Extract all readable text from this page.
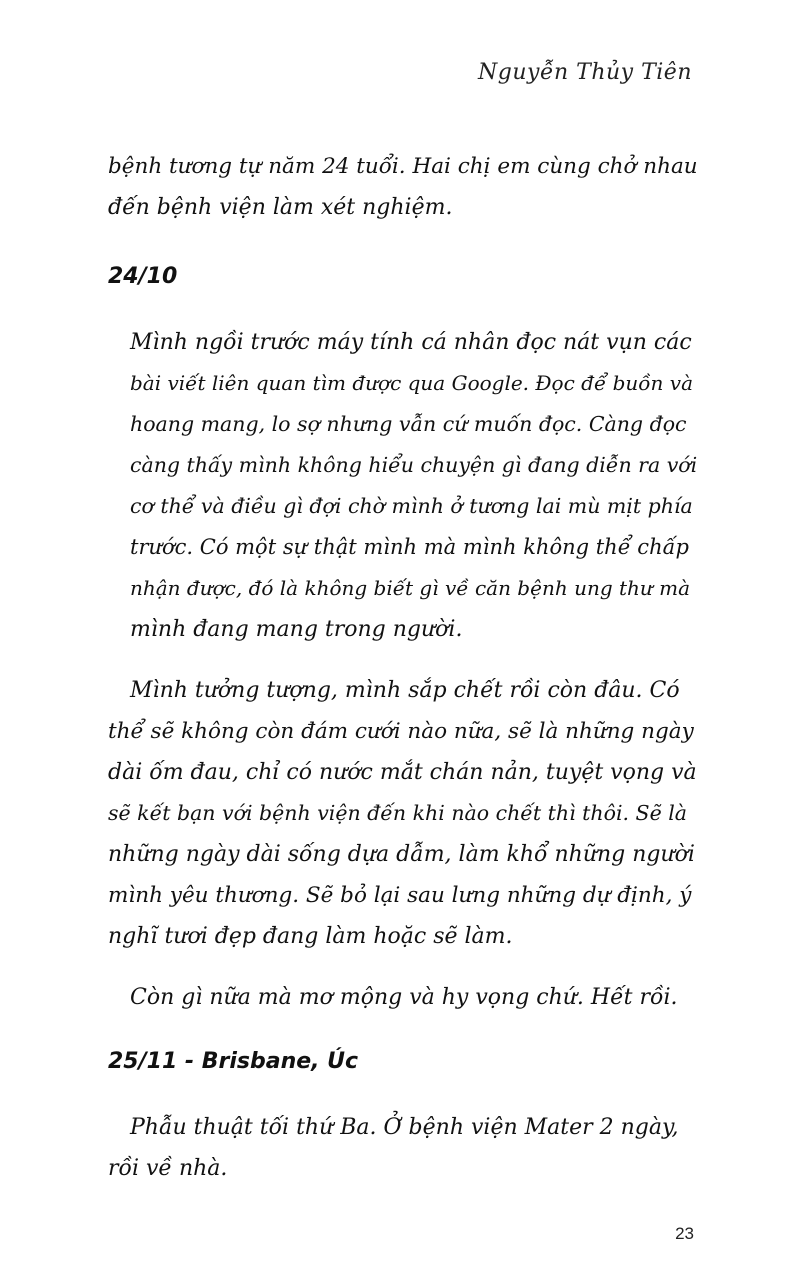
Nguyễn Thủy Tiên

bệnh tương tự năm 24 tuổi. Hai chị em cùng chở nhau
đến bệnh viện làm xét nghiệm.

24/10

Mình ngồi trước máy tính cá nhân đọc nát vụn các
bài viết liên quan tìm được qua Google. Đọc để buồn và
hoang mang, lo sợ nhưng vẫn cứ muốn đọc. Càng đọc
càng thấy mình không hiểu chuyện gì đang diễn ra với
cơ thể và điều gì đợi chờ mình ở tương lai mù mịt phía
trước. Có một sự thật mình mà mình không thể chấp
nhận được, đó là không biết gì về căn bệnh ung thư mà
mình đang mang trong người.

Mình tưởng tượng, mình sắp chết rồi còn đâu. Có
thể sẽ không còn đám cưới nào nữa, sẽ là những ngày
dài ốm đau, chỉ có nước mắt chán nản, tuyệt vọng và
sẽ kết bạn với bệnh viện đến khi nào chết thì thôi. Sẽ là
những ngày dài sống dựa dẫm, làm khổ những người
mình yêu thương. Sẽ bỏ lại sau lưng những dự định, ý
nghĩ tươi đẹp đang làm hoặc sẽ làm.

Còn gì nữa mà mơ mộng và hy vọng chứ. Hết rồi.

25/11 - Brisbane, Úc

Phẫu thuật tối thứ Ba. Ở bệnh viện Mater 2 ngày,
rồi về nhà.

23
